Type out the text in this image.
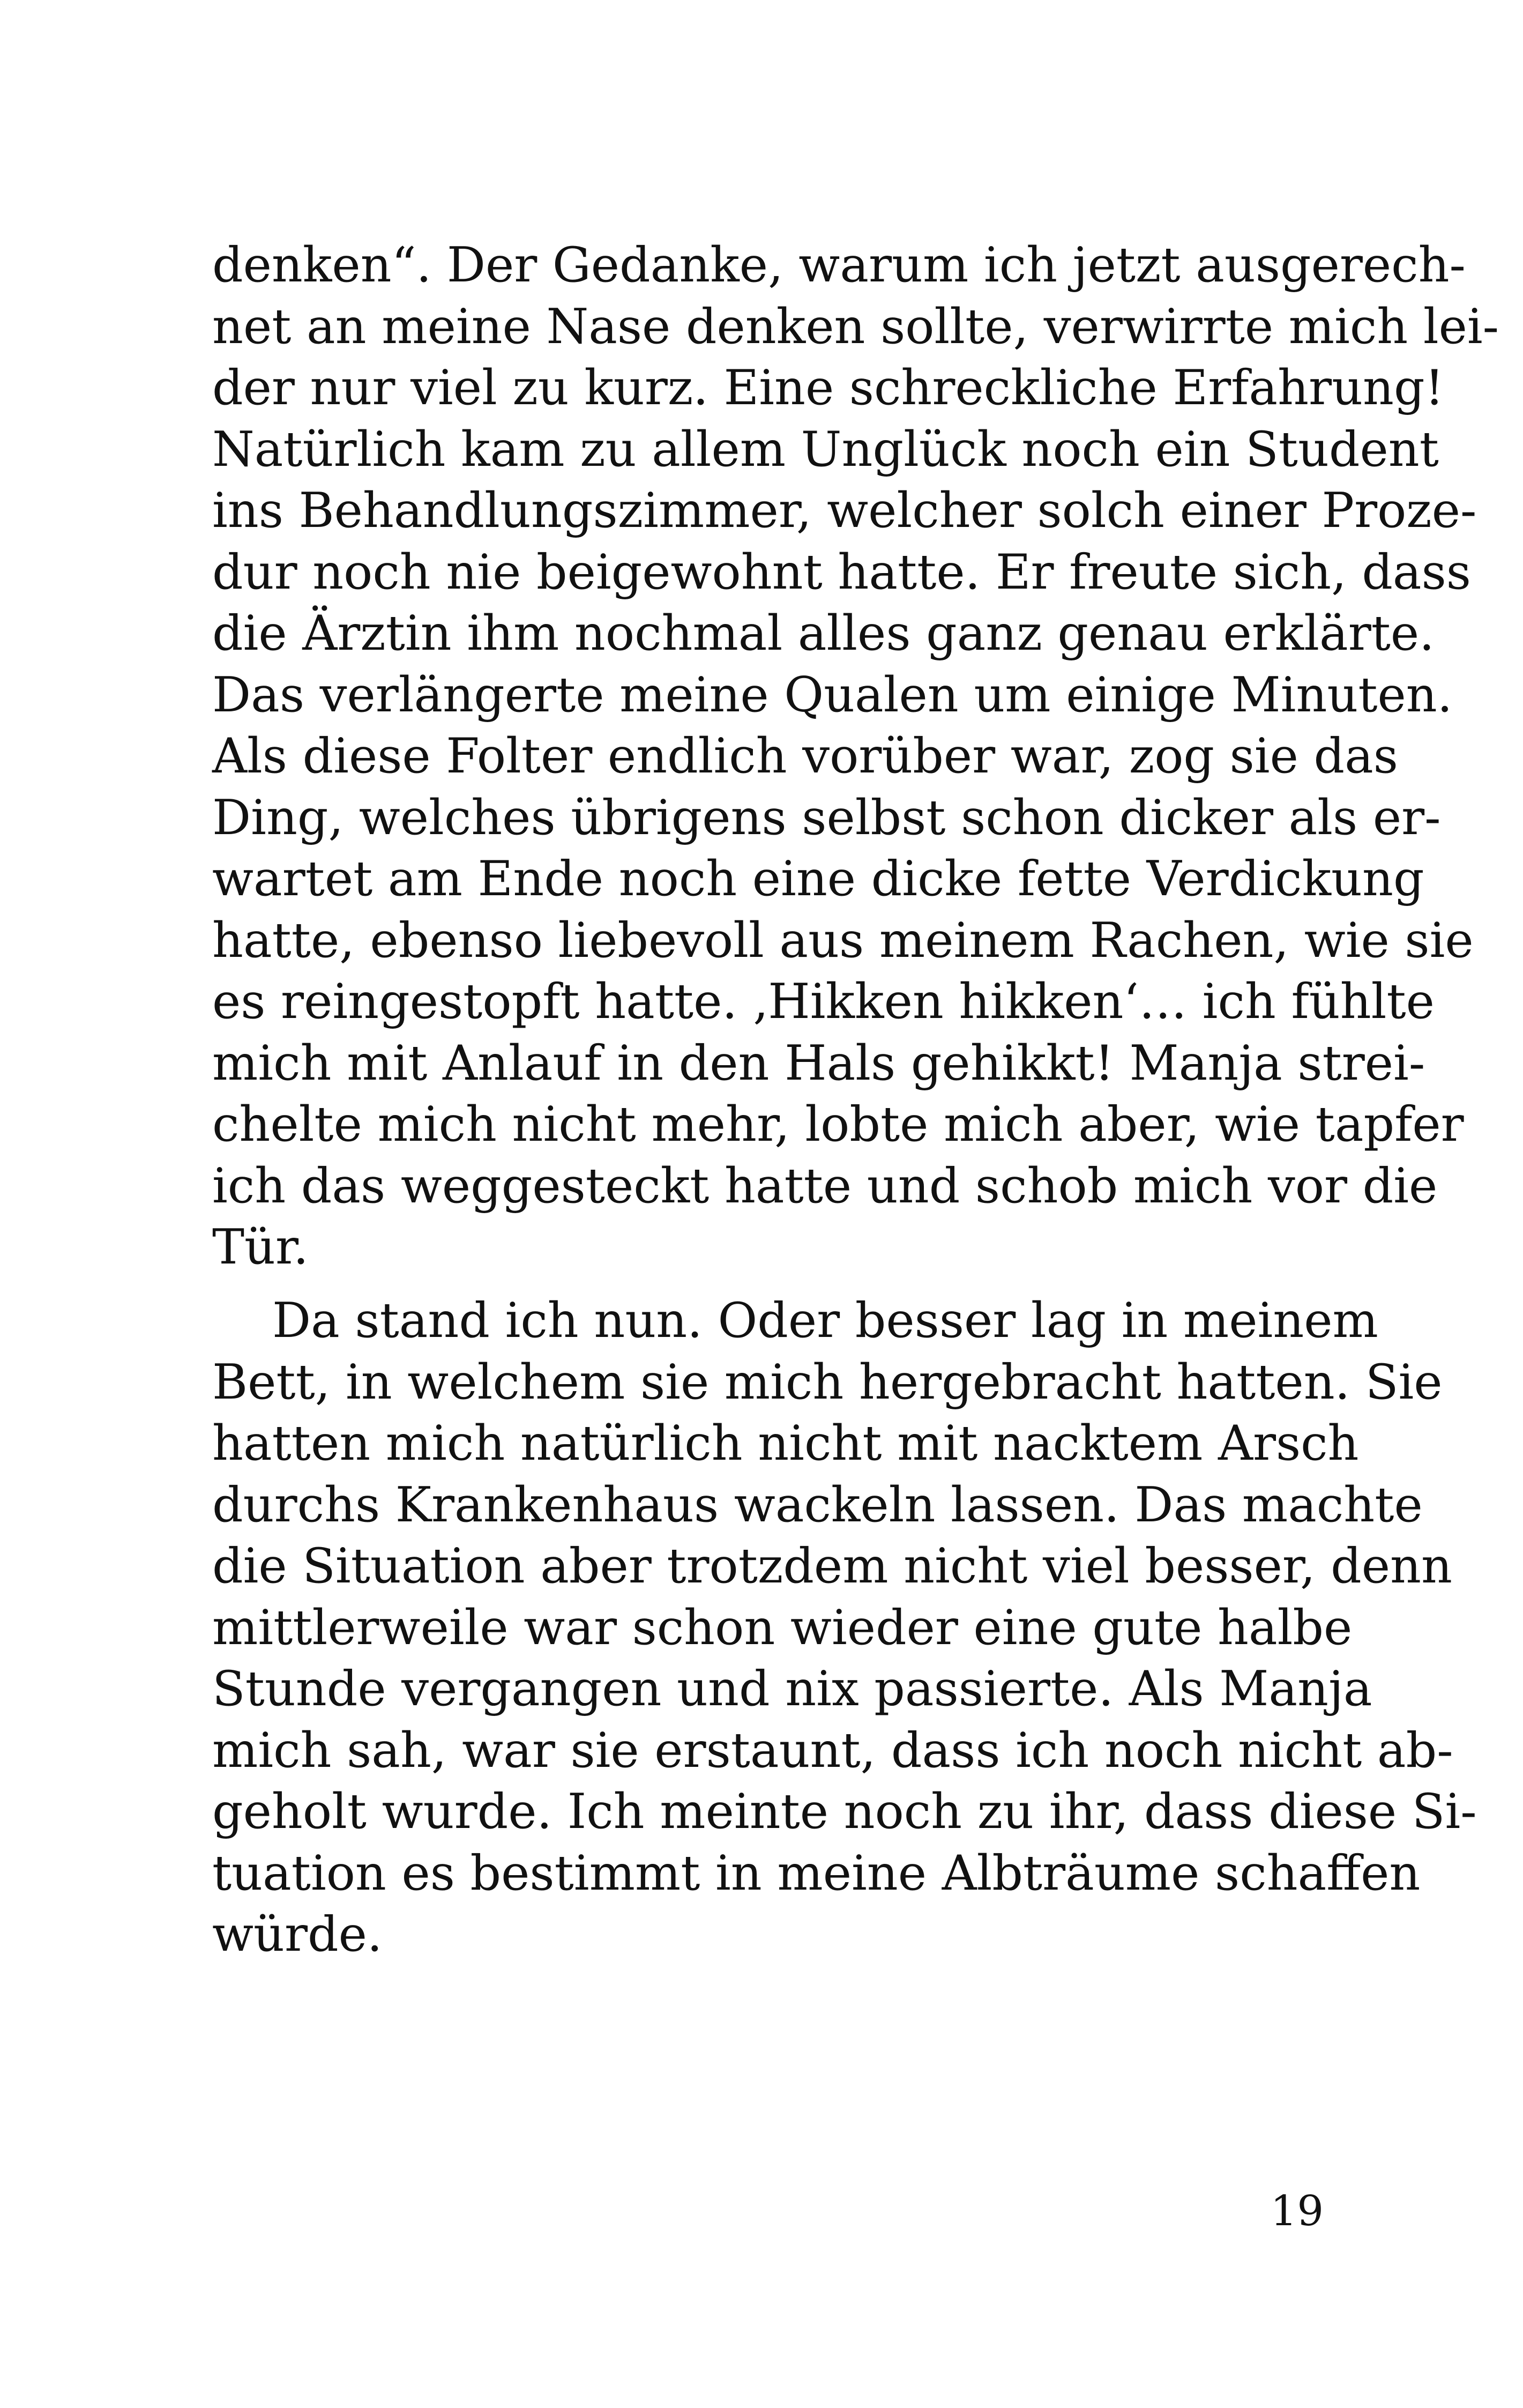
denken“. Der Gedanke, warum ich jetzt ausgerech-
net an meine Nase denken sollte, verwirrte mich lei-
der nur viel zu kurz. Eine schreckliche Erfahrung!
Natürlich kam zu allem Unglück noch ein Student
ins Behandlungszimmer, welcher solch einer Proze-
dur noch nie beigewohnt hatte. Er freute sich, dass
die Ärztin ihm nochmal alles ganz genau erklärte.
Das verlängerte meine Qualen um einige Minuten.
Als diese Folter endlich vorüber war, zog sie das
Ding, welches übrigens selbst schon dicker als er-
wartet am Ende noch eine dicke fette Verdickung
hatte, ebenso liebevoll aus meinem Rachen, wie sie
es reingestopft hatte. ‚Hikken hikken‘… ich fühlte
mich mit Anlauf in den Hals gehikkt! Manja strei-
chelte mich nicht mehr, lobte mich aber, wie tapfer
ich das weggesteckt hatte und schob mich vor die
Tür.
Da stand ich nun. Oder besser lag in meinem
Bett, in welchem sie mich hergebracht hatten. Sie
hatten mich natürlich nicht mit nacktem Arsch
durchs Krankenhaus wackeln lassen. Das machte
die Situation aber trotzdem nicht viel besser, denn
mittlerweile war schon wieder eine gute halbe
Stunde vergangen und nix passierte. Als Manja
mich sah, war sie erstaunt, dass ich noch nicht ab-
geholt wurde. Ich meinte noch zu ihr, dass diese Si-
tuation es bestimmt in meine Albträume schaffen
würde.
19
